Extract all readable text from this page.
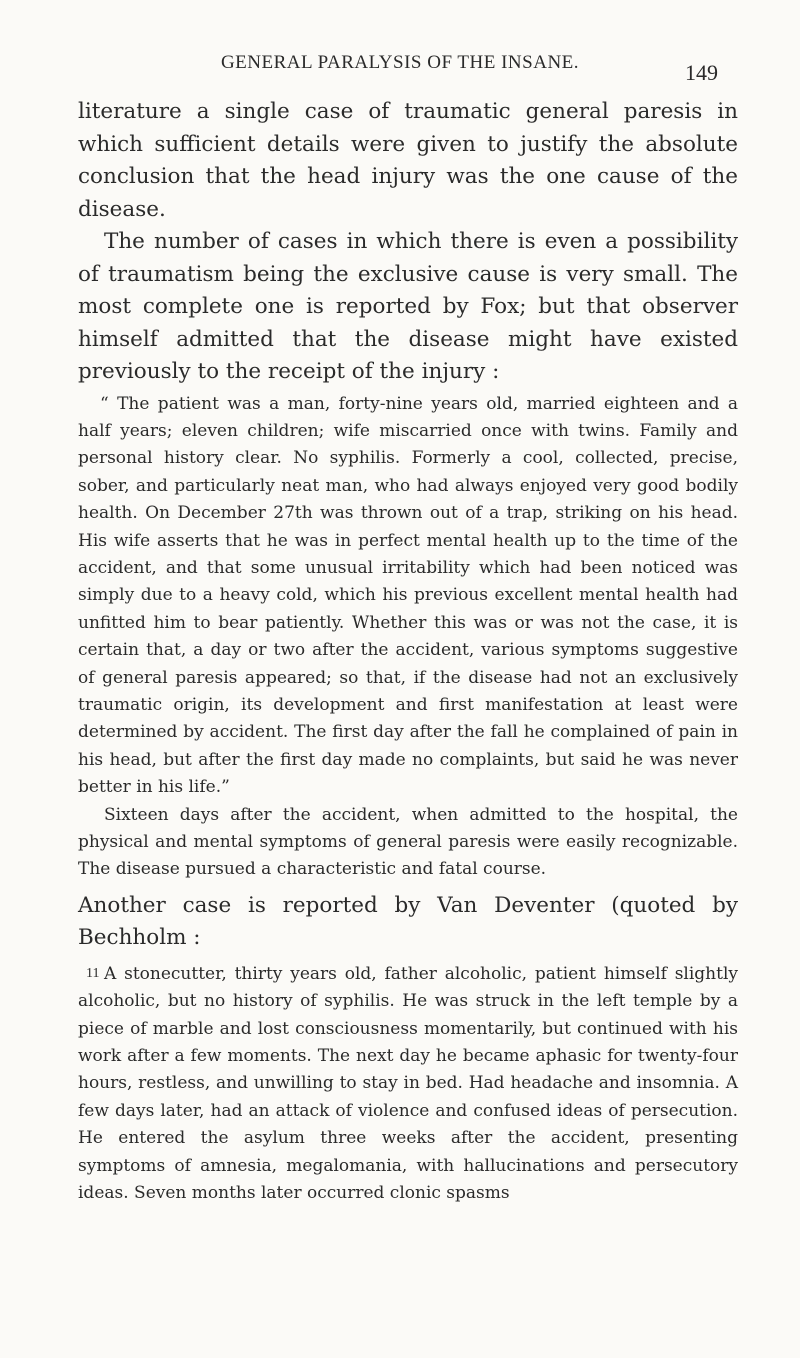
GENERAL PARALYSIS OF THE INSANE.	149

literature a single case of traumatic general paresis in which sufficient details were given to justify the absolute conclusion that the head injury was the one cause of the disease.

The number of cases in which there is even a possibility of traumatism being the exclusive cause is very small. The most complete one is reported by Fox; but that observer himself admitted that the disease might have existed previously to the receipt of the injury :

“ The patient was a man, forty-nine years old, married eighteen and a half years; eleven children; wife miscarried once with twins. Family and personal history clear. No syphilis. Formerly a cool, collected, precise, sober, and particularly neat man, who had always enjoyed very good bodily health. On December 27th was thrown out of a trap, striking on his head. His wife asserts that he was in perfect mental health up to the time of the accident, and that some unusual irritability which had been noticed was simply due to a heavy cold, which his previous excellent mental health had unfitted him to bear patiently. Whether this was or was not the case, it is certain that, a day or two after the accident, various symptoms suggestive of general paresis appeared; so that, if the disease had not an exclusively traumatic origin, its development and first manifestation at least were determined by accident. The first day after the fall he complained of pain in his head, but after the first day made no complaints, but said he was never better in his life.”

Sixteen days after the accident, when admitted to the hospital, the physical and mental symptoms of general paresis were easily recognizable. The disease pursued a characteristic and fatal course.

Another case is reported by Van Deventer (quoted by Bechholm :

A stonecutter, thirty years old, father alcoholic, patient himself slightly alcoholic, but no history of syphilis. He was struck in the left temple by a piece of marble and lost consciousness momentarily, but continued with his work after a few moments. The next day he became aphasic for twenty-four hours, restless, and unwilling to stay in bed. Had headache and insomnia. A few days later, had an attack of violence and confused ideas of persecution. He entered the asylum three weeks after the accident, presenting symptoms of amnesia, megalomania, with hallucinations and persecutory ideas. Seven months later occurred clonic spasms

11
